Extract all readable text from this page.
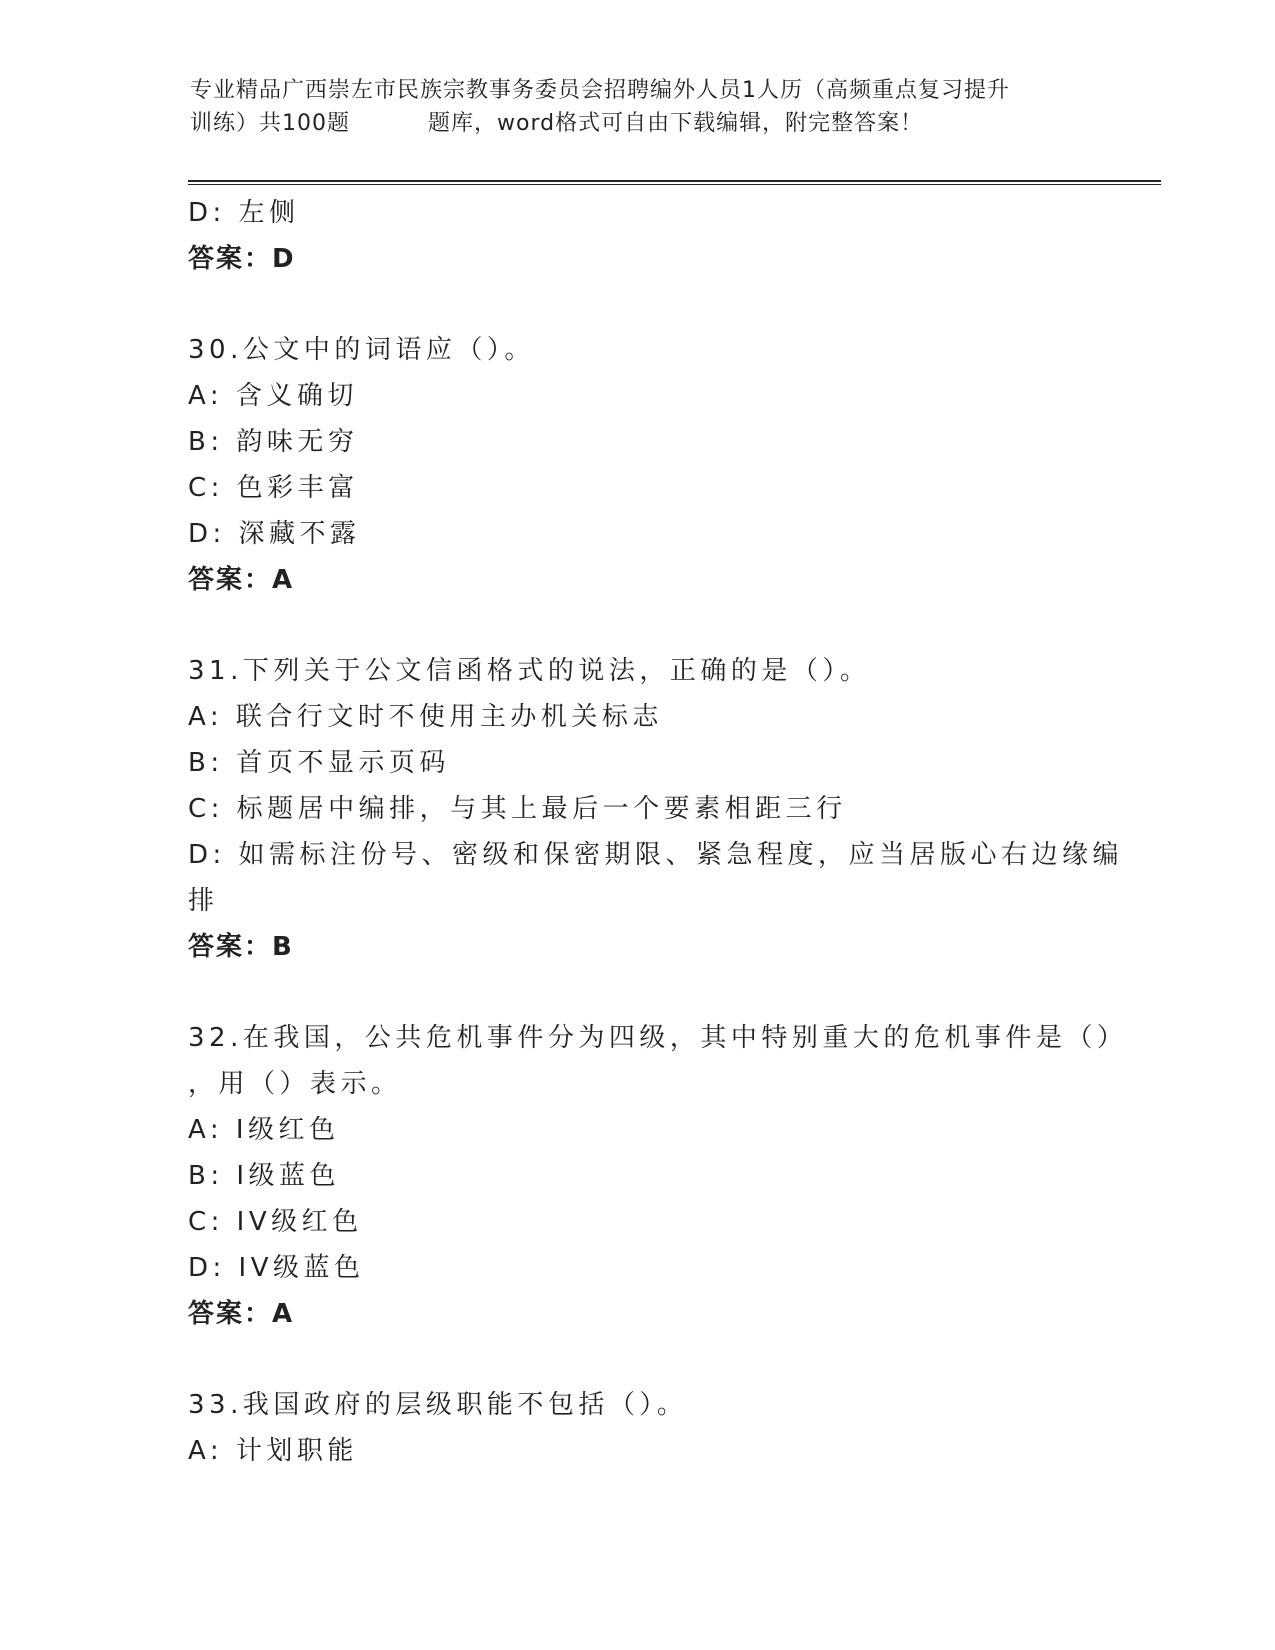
专业精品广西崇左市民族宗教事务委员会招聘编外人员1人历（高频重点复习提升
训练）共100题	题库，word格式可自由下载编辑，附完整答案！
D: 左侧
答案：D
30.公文中的词语应（）。
A: 含义确切
B: 韵味无穷
C: 色彩丰富
D: 深藏不露
答案：A
31.下列关于公文信函格式的说法，正确的是（）。
A: 联合行文时不使用主办机关标志
B: 首页不显示页码
C: 标题居中编排，与其上最后一个要素相距三行
D: 如需标注份号、密级和保密期限、紧急程度，应当居版心右边缘编
排
答案：B
32.在我国，公共危机事件分为四级，其中特别重大的危机事件是（）
，用（）表示。
A: I级红色
B: I级蓝色
C: IV级红色
D: IV级蓝色
答案：A
33.我国政府的层级职能不包括（）。
A: 计划职能
